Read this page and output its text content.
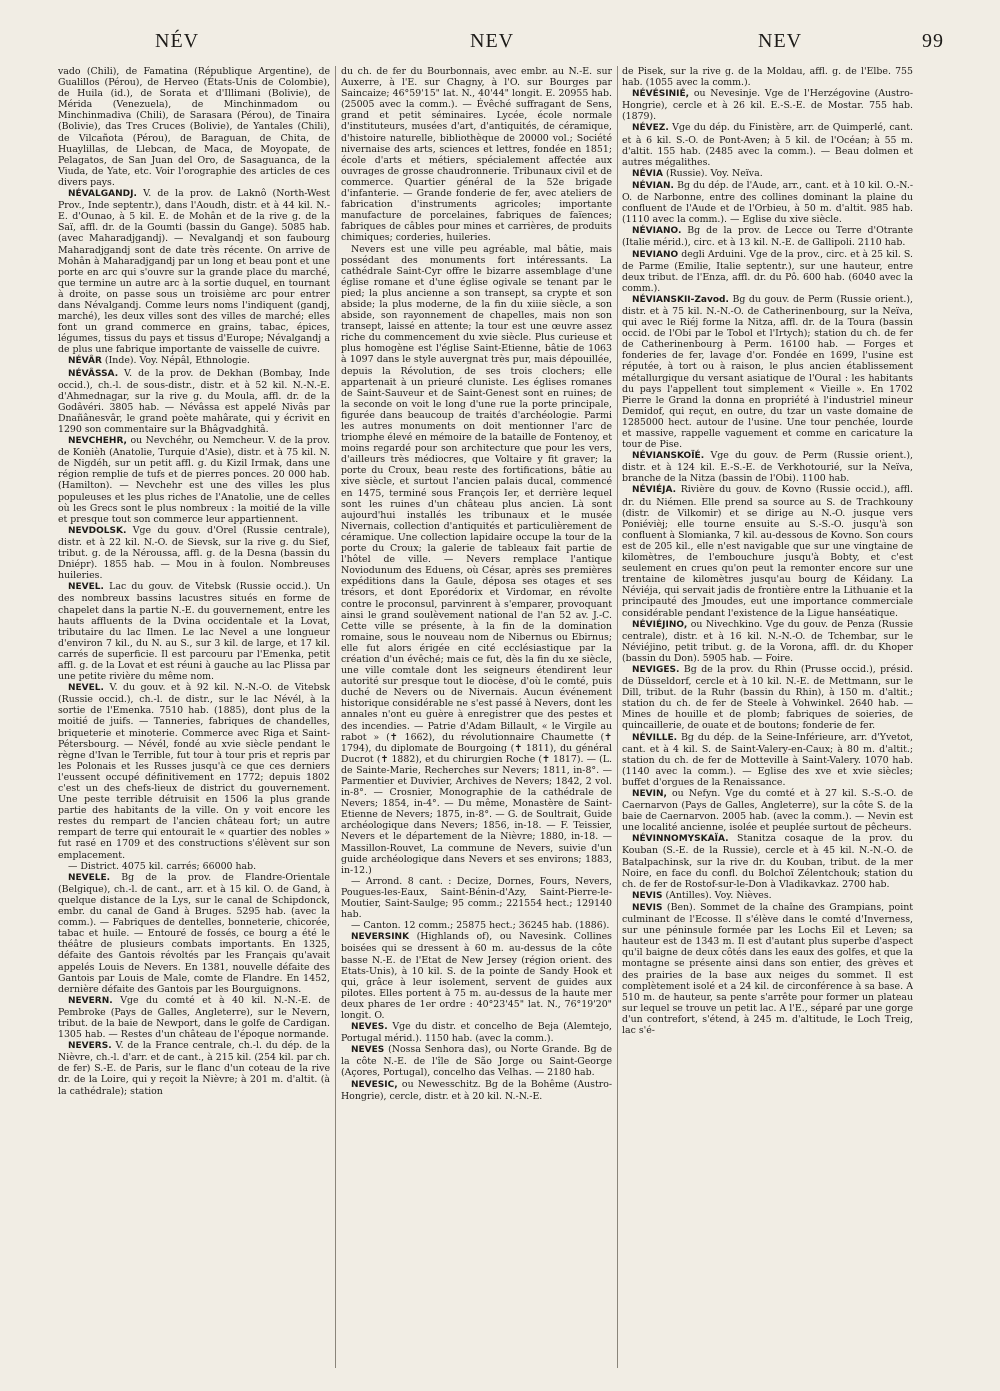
NÉV	NEV	NEV	99

vado (Chili), de Famatina (République Argentine), de Gualillos (Pérou), de Herveo (États-Unis de Colombie), de Huila (id.), de Sorata et d'Illimani (Bolivie), de Mérida (Venezuela), de Minchinmadom ou Minchinmadiva (Chili), de Sarasara (Pérou), de Tinaira (Bolivie), das Tres Cruces (Bolivie), de Yantales (Chili), de Vilcañota (Pérou), de Baraguan, de Chita, de Huaylillas, de Llebcan, de Maca, de Moyopate, de Pelagatos, de San Juan del Oro, de Sasaguanca, de la Viuda, de Yate, etc. Voir l'orographie des articles de ces divers pays.

NÉVALGANDJ. V. de la prov. de Laknô (North-West Prov., Inde septentr.), dans l'Aoudh, distr. et à 44 kil. N.-E. d'Ounao, à 5 kil. E. de Mohân et de la rive g. de la Saï, affl. dr. de la Goumti (bassin du Gange). 5085 hab. (avec Maharadjgandj). — Nevalgandj et son faubourg Maharadjgandj sont de date très récente. On arrive de Mohân à Maharadjgandj par un long et beau pont et une porte en arc qui s'ouvre sur la grande place du marché, que termine un autre arc à la sortie duquel, en tournant à droite, on passe sous un troisième arc pour entrer dans Névalgandj. Comme leurs noms l'indiquent (gandj, marché), les deux villes sont des villes de marché; elles font un grand commerce en grains, tabac, épices, légumes, tissus du pays et tissus d'Europe; Névalgandj a de plus une fabrique importante de vaisselle de cuivre.

NÉVÂR (Inde). Voy. Népâl, Ethnologie.

NÉVÂSSA. V. de la prov. de Dekhan (Bombay, Inde occid.), ch.-l. de sous-distr., distr. et à 52 kil. N.-N.-E. d'Ahmednagar, sur la rive g. du Moula, affl. dr. de la Godâvéri. 3805 hab. — Névâssa est appelé Nivâs par Dnañânesvâr, le grand poète mahârate, qui y écrivit en 1290 son commentaire sur la Bhâgvadghitâ.

NEVCHEHR, ou Nevchéhr, ou Nemcheur. V. de la prov. de Konièh (Anatolie, Turquie d'Asie), distr. et à 75 kil. N. de Nigdéh, sur un petit affl. g. du Kizil Irmak, dans une région remplie de tufs et de pierres ponces. 20 000 hab. (Hamilton). — Nevchehr est une des villes les plus populeuses et les plus riches de l'Anatolie, une de celles où les Grecs sont le plus nombreux : la moitié de la ville et presque tout son commerce leur appartiennent.

NEVDOLSK. Vge du gouv. d'Orel (Russie centrale), distr. et à 22 kil. N.-O. de Sievsk, sur la rive g. du Sief, tribut. g. de la Néroussa, affl. g. de la Desna (bassin du Dniépr). 1855 hab. — Mou in à foulon. Nombreuses huileries.

NEVEL. Lac du gouv. de Vitebsk (Russie occid.). Un des nombreux bassins lacustres situés en forme de chapelet dans la partie N.-E. du gouvernement, entre les hauts affluents de la Dvina occidentale et la Lovat, tributaire du lac Ilmen. Le lac Nevel a une longueur d'environ 7 kil., du N. au S., sur 3 kil. de large, et 17 kil. carrés de superficie. Il est parcouru par l'Emenka, petit affl. g. de la Lovat et est réuni à gauche au lac Plissa par une petite rivière du même nom.

NEVEL. V. du gouv. et à 92 kil. N.-N.-O. de Vitebsk (Russie occid.), ch.-l. de distr., sur le lac Névél, à la sortie de l'Emenka. 7510 hab. (1885), dont plus de la moitié de juifs. — Tanneries, fabriques de chandelles, briqueterie et minoterie. Commerce avec Riga et Saint-Pétersbourg. — Névél, fondé au xvie siècle pendant le règne d'Ivan le Terrible, fut tour à tour pris et repris par les Polonais et les Russes jusqu'à ce que ces derniers l'eussent occupé définitivement en 1772; depuis 1802 c'est un des chefs-lieux de district du gouvernement. Une peste terrible détruisit en 1506 la plus grande partie des habitants de la ville. On y voit encore les restes du rempart de l'ancien château fort; un autre rempart de terre qui entourait le « quartier des nobles » fut rasé en 1709 et des constructions s'élèvent sur son emplacement.

— District. 4075 kil. carrés; 66000 hab.

NEVELE. Bg de la prov. de Flandre-Orientale (Belgique), ch.-l. de cant., arr. et à 15 kil. O. de Gand, à quelque distance de la Lys, sur le canal de Schipdonck, embr. du canal de Gand à Bruges. 5295 hab. (avec la comm.). — Fabriques de dentelles, bonneterie, chicorée, tabac et huile. — Entouré de fossés, ce bourg a été le théâtre de plusieurs combats importants. En 1325, défaite des Gantois révoltés par les Français qu'avait appelés Louis de Nevers. En 1381, nouvelle défaite des Gantois par Louis de Male, comte de Flandre. En 1452, dernière défaite des Gantois par les Bourguignons.

NEVERN. Vge du comté et à 40 kil. N.-N.-E. de Pembroke (Pays de Galles, Angleterre), sur le Nevern, tribut. de la baie de Newport, dans le golfe de Cardigan. 1305 hab. — Restes d'un château de l'époque normande.

NEVERS. V. de la France centrale, ch.-l. du dép. de la Nièvre, ch.-l. d'arr. et de cant., à 215 kil. (254 kil. par ch. de fer) S.-E. de Paris, sur le flanc d'un coteau de la rive dr. de la Loire, qui y reçoit la Nièvre; à 201 m. d'altit. (à la cathédrale); station

du ch. de fer du Bourbonnais, avec embr. au N.-E. sur Auxerre, à l'E. sur Chagny, à l'O. sur Bourges par Saincaize; 46°59'15" lat. N., 40'44" longit. E. 20955 hab. (25005 avec la comm.). — Évêché suffragant de Sens, grand et petit séminaires. Lycée, école normale d'instituteurs, musées d'art, d'antiquités, de céramique, d'histoire naturelle, bibliothèque de 20000 vol.; Société nivernaise des arts, sciences et lettres, fondée en 1851; école d'arts et métiers, spécialement affectée aux ouvrages de grosse chaudronnerie. Tribunaux civil et de commerce. Quartier général de la 52e brigade d'infanterie. — Grande fonderie de fer, avec ateliers de fabrication d'instruments agricoles; importante manufacture de porcelaines, fabriques de faïences; fabriques de câbles pour mines et carrières, de produits chimiques; corderies, huileries.

Nevers est une ville peu agréable, mal bâtie, mais possédant des monuments fort intéressants. La cathédrale Saint-Cyr offre le bizarre assemblage d'une église romane et d'une église ogivale se tenant par le pied; la plus ancienne a son transept, sa crypte et son abside; la plus moderne, de la fin du xiiie siècle, a son abside, son rayonnement de chapelles, mais non son transept, laissé en attente; la tour est une œuvre assez riche du commencement du xvie siècle. Plus curieuse et plus homogène est l'église Saint-Etienne, bâtie de 1063 à 1097 dans le style auvergnat très pur, mais dépouillée, depuis la Révolution, de ses trois clochers; elle appartenait à un prieuré cluniste. Les églises romanes de Saint-Sauveur et de Saint-Genest sont en ruines; de la seconde on voit le long d'une rue la porte principale, figurée dans beaucoup de traités d'archéologie. Parmi les autres monuments on doit mentionner l'arc de triomphe élevé en mémoire de la bataille de Fontenoy, et moins regardé pour son architecture que pour les vers, d'ailleurs très médiocres, que Voltaire y fit graver; la porte du Croux, beau reste des fortifications, bâtie au xive siècle, et surtout l'ancien palais ducal, commencé en 1475, terminé sous François Ier, et derrière lequel sont les ruines d'un château plus ancien. Là sont aujourd'hui installés les tribunaux et le musée Nivernais, collection d'antiquités et particulièrement de céramique. Une collection lapidaire occupe la tour de la porte du Croux; la galerie de tableaux fait partie de l'hôtel de ville. — Nevers remplace l'antique Noviodunum des Eduens, où César, après ses premières expéditions dans la Gaule, déposa ses otages et ses trésors, et dont Eporédorix et Virdomar, en révolte contre le proconsul, parvinrent à s'emparer, provoquant ainsi le grand soulèvement national de l'an 52 av. J.-C. Cette ville se présente, à la fin de la domination romaine, sous le nouveau nom de Nibernus ou Ebirnus; elle fut alors érigée en cité ecclésiastique par la création d'un évêché; mais ce fut, dès la fin du xe siècle, une ville comtale dont les seigneurs étendirent leur autorité sur presque tout le diocèse, d'où le comté, puis duché de Nevers ou de Nivernais. Aucun événement historique considérable ne s'est passé à Nevers, dont les annales n'ont eu guère à enregistrer que des pestes et des incendies. — Patrie d'Adam Billault, « le Virgile au rabot » (✝ 1662), du révolutionnaire Chaumette (✝ 1794), du diplomate de Bourgoing (✝ 1811), du général Ducrot (✝ 1882), et du chirurgien Roche (✝ 1817). — (L. de Sainte-Marie, Recherches sur Nevers; 1811, in-8°. — Parmentier et Duvivier, Archives de Nevers; 1842, 2 vol. in-8°. — Crosnier, Monographie de la cathédrale de Nevers; 1854, in-4°. — Du même, Monastère de Saint-Etienne de Nevers; 1875, in-8°. — G. de Soultrait, Guide archéologique dans Nevers; 1856, in-18. — F. Teissier, Nevers et le département de la Nièvre; 1880, in-18. — Massillon-Rouvet, La commune de Nevers, suivie d'un guide archéologique dans Nevers et ses environs; 1883, in-12.)

— Arrond. 8 cant. : Decize, Dornes, Fours, Nevers, Pougues-les-Eaux, Saint-Bénin-d'Azy, Saint-Pierre-le-Moutier, Saint-Saulge; 95 comm.; 221554 hect.; 129140 hab.

— Canton. 12 comm.; 25875 hect.; 36245 hab. (1886).

NEVERSINK (Highlands of), ou Navesink. Collines boisées qui se dressent à 60 m. au-dessus de la côte basse N.-E. de l'Etat de New Jersey (région orient. des Etats-Unis), à 10 kil. S. de la pointe de Sandy Hook et qui, grâce à leur isolement, servent de guides aux pilotes. Elles portent à 75 m. au-dessus de la haute mer deux phares de 1er ordre : 40°23'45" lat. N., 76°19'20" longit. O.

NEVES. Vge du distr. et concelho de Beja (Alemtejo, Portugal mérid.). 1150 hab. (avec la comm.).

NEVES (Nossa Senhora das), ou Norte Grande. Bg de la côte N.-E. de l'île de São Jorge ou Saint-George (Açores, Portugal), concelho das Velhas. — 2180 hab.

NEVESIC, ou Newesschitz. Bg de la Bohême (Austro-Hongrie), cercle, distr. et à 20 kil. N.-N.-E.

de Pisek, sur la rive g. de la Moldau, affl. g. de l'Elbe. 755 hab. (1055 avec la comm.).

NÉVÉSINIÉ, ou Nevesinje. Vge de l'Herzégovine (Austro-Hongrie), cercle et à 26 kil. E.-S.-E. de Mostar. 755 hab. (1879).

NÉVEZ. Vge du dép. du Finistère, arr. de Quimperlé, cant. et à 6 kil. S.-O. de Pont-Aven; à 5 kil. de l'Océan; à 55 m. d'altit. 155 hab. (2485 avec la comm.). — Beau dolmen et autres mégalithes.

NÉVIA (Russie). Voy. Neïva.

NÉVIAN. Bg du dép. de l'Aude, arr., cant. et à 10 kil. O.-N.-O. de Narbonne, entre des collines dominant la plaine du confluent de l'Aude et de l'Orbieu, à 50 m. d'altit. 985 hab. (1110 avec la comm.). — Eglise du xive siècle.

NÉVIANO. Bg de la prov. de Lecce ou Terre d'Otrante (Italie mérid.), circ. et à 13 kil. N.-E. de Gallipoli. 2110 hab.

NEVIANO degli Arduini. Vge de la prov., circ. et à 25 kil. S. de Parme (Emilie, Italie septentr.), sur une hauteur, entre deux tribut. de l'Enza, affl. dr. du Pô. 600 hab. (6040 avec la comm.).

NÉVIANSKII-Zavod. Bg du gouv. de Perm (Russie orient.), distr. et à 75 kil. N.-N.-O. de Catherinenbourg, sur la Neïva, qui avec le Riéj forme la Nitza, affl. dr. de la Toura (bassin occid. de l'Obi par le Tobol et l'Irtych); station du ch. de fer de Catherinenbourg à Perm. 16100 hab. — Forges et fonderies de fer, lavage d'or. Fondée en 1699, l'usine est réputée, à tort ou à raison, le plus ancien établissement métallurgique du versant asiatique de l'Oural : les habitants du pays l'appellent tout simplement « Vieille ». En 1702 Pierre le Grand la donna en propriété à l'industriel mineur Demidof, qui reçut, en outre, du tzar un vaste domaine de 1285000 hect. autour de l'usine. Une tour penchée, lourde et massive, rappelle vaguement et comme en caricature la tour de Pise.

NÉVIANSKOÏÉ. Vge du gouv. de Perm (Russie orient.), distr. et à 124 kil. E.-S.-E. de Verkhotourié, sur la Neïva, branche de la Nitza (bassin de l'Obi). 1100 hab.

NÉVIÉJA. Rivière du gouv. de Kovno (Russie occid.), affl. dr. du Niémen. Elle prend sa source au S. de Trachkouny (distr. de Vilkomir) et se dirige au N.-O. jusque vers Poniévièj; elle tourne ensuite au S.-S.-O. jusqu'à son confluent à Slomianka, 7 kil. au-dessous de Kovno. Son cours est de 205 kil., elle n'est navigable que sur une vingtaine de kilomètres, de l'embouchure jusqu'à Bobty, et c'est seulement en crues qu'on peut la remonter encore sur une trentaine de kilomètres jusqu'au bourg de Kéidany. La Néviéja, qui servait jadis de frontière entre la Lithuanie et la principauté des Jmoudes, eut une importance commerciale considérable pendant l'existence de la Ligue hanséatique.

NÉVIÉJINO, ou Nivechkino. Vge du gouv. de Penza (Russie centrale), distr. et à 16 kil. N.-N.-O. de Tchembar, sur le Néviéjino, petit tribut. g. de la Vorona, affl. dr. du Khoper (bassin du Don). 5905 hab. — Foire.

NEVIGES. Bg de la prov. du Rhin (Prusse occid.), présid. de Düsseldorf, cercle et à 10 kil. N.-E. de Mettmann, sur le Dill, tribut. de la Ruhr (bassin du Rhin), à 150 m. d'altit.; station du ch. de fer de Steele à Vohwinkel. 2640 hab. — Mines de houille et de plomb; fabriques de soieries, de quincaillerie, de ouate et de boutons; fonderie de fer.

NÉVILLE. Bg du dép. de la Seine-Inférieure, arr. d'Yvetot, cant. et à 4 kil. S. de Saint-Valery-en-Caux; à 80 m. d'altit.; station du ch. de fer de Motteville à Saint-Valery. 1070 hab. (1140 avec la comm.). — Eglise des xve et xvie siècles; buffet d'orgues de la Renaissance.

NEVIN, ou Nefyn. Vge du comté et à 27 kil. S.-S.-O. de Caernarvon (Pays de Galles, Angleterre), sur la côte S. de la baie de Caernarvon. 2005 hab. (avec la comm.). — Nevin est une localité ancienne, isolée et peuplée surtout de pêcheurs.

NÉVINNOMYSKAÏA. Stanitza cosaque de la prov. du Kouban (S.-E. de la Russie), cercle et à 45 kil. N.-N.-O. de Batalpachinsk, sur la rive dr. du Kouban, tribut. de la mer Noire, en face du confl. du Bolchoï Zélentchouk; station du ch. de fer de Rostof-sur-le-Don à Vladikavkaz. 2700 hab.

NEVIS (Antilles). Voy. Nièves.

NEVIS (Ben). Sommet de la chaîne des Grampians, point culminant de l'Ecosse. Il s'élève dans le comté d'Inverness, sur une péninsule formée par les Lochs Eil et Leven; sa hauteur est de 1343 m. Il est d'autant plus superbe d'aspect qu'il baigne de deux côtés dans les eaux des golfes, et que la montagne se présente ainsi dans son entier, des grèves et des prairies de la base aux neiges du sommet. Il est complètement isolé et a 24 kil. de circonférence à sa base. A 510 m. de hauteur, sa pente s'arrête pour former un plateau sur lequel se trouve un petit lac. A l'E., séparé par une gorge d'un contrefort, s'étend, à 245 m. d'altitude, le Loch Treig, lac s'é-
